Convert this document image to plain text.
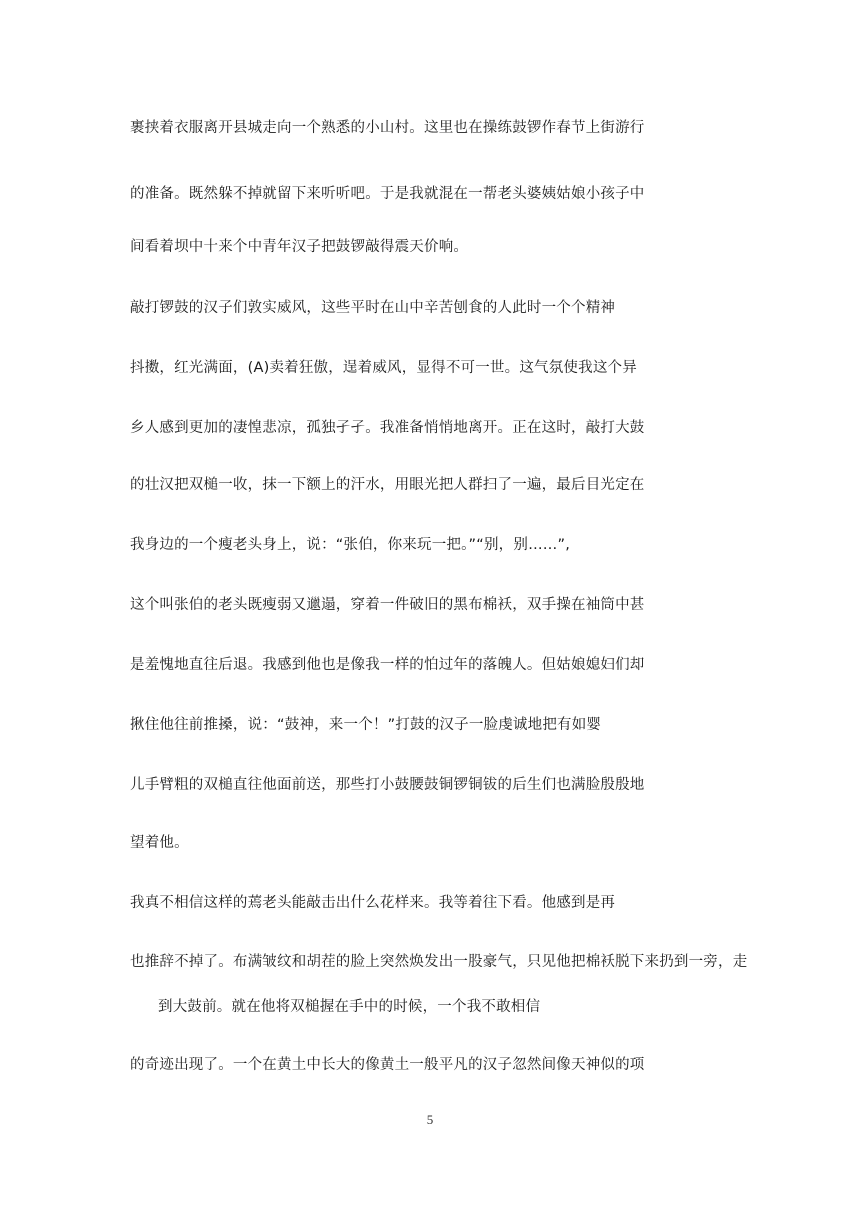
裹挟着衣服离开县城走向一个熟悉的小山村。这里也在操练鼓锣作春节上街游行
的准备。既然躲不掉就留下来听听吧。于是我就混在一帮老头婆姨姑娘小孩子中
间看着坝中十来个中青年汉子把鼓锣敲得震天价响。
敲打锣鼓的汉子们敦实威风，这些平时在山中辛苦刨食的人此时一个个精神
抖擞，红光满面，(A)卖着狂傲，逞着威风，显得不可一世。这气氛使我这个异
乡人感到更加的凄惶悲凉，孤独孑孑。我准备悄悄地离开。正在这时，敲打大鼓
的壮汉把双槌一收，抹一下额上的汗水，用眼光把人群扫了一遍，最后目光定在
我身边的一个瘦老头身上，说：“张伯，你来玩一把。”“别，别……”,
这个叫张伯的老头既瘦弱又邋遢，穿着一件破旧的黑布棉袄，双手操在袖筒中甚
是羞愧地直往后退。我感到他也是像我一样的怕过年的落魄人。但姑娘媳妇们却
揪住他往前推搡，说：“鼓神，来一个！”打鼓的汉子一脸虔诚地把有如婴
儿手臂粗的双槌直往他面前送，那些打小鼓腰鼓铜锣铜钹的后生们也满脸殷殷地
望着他。
我真不相信这样的蔫老头能敲击出什么花样来。我等着往下看。他感到是再
也推辞不掉了。布满皱纹和胡茬的脸上突然焕发出一股豪气，只见他把棉袄脱下来扔到一旁，走
到大鼓前。就在他将双槌握在手中的时候，一个我不敢相信
的奇迹出现了。一个在黄土中长大的像黄土一般平凡的汉子忽然间像天神似的项
5
